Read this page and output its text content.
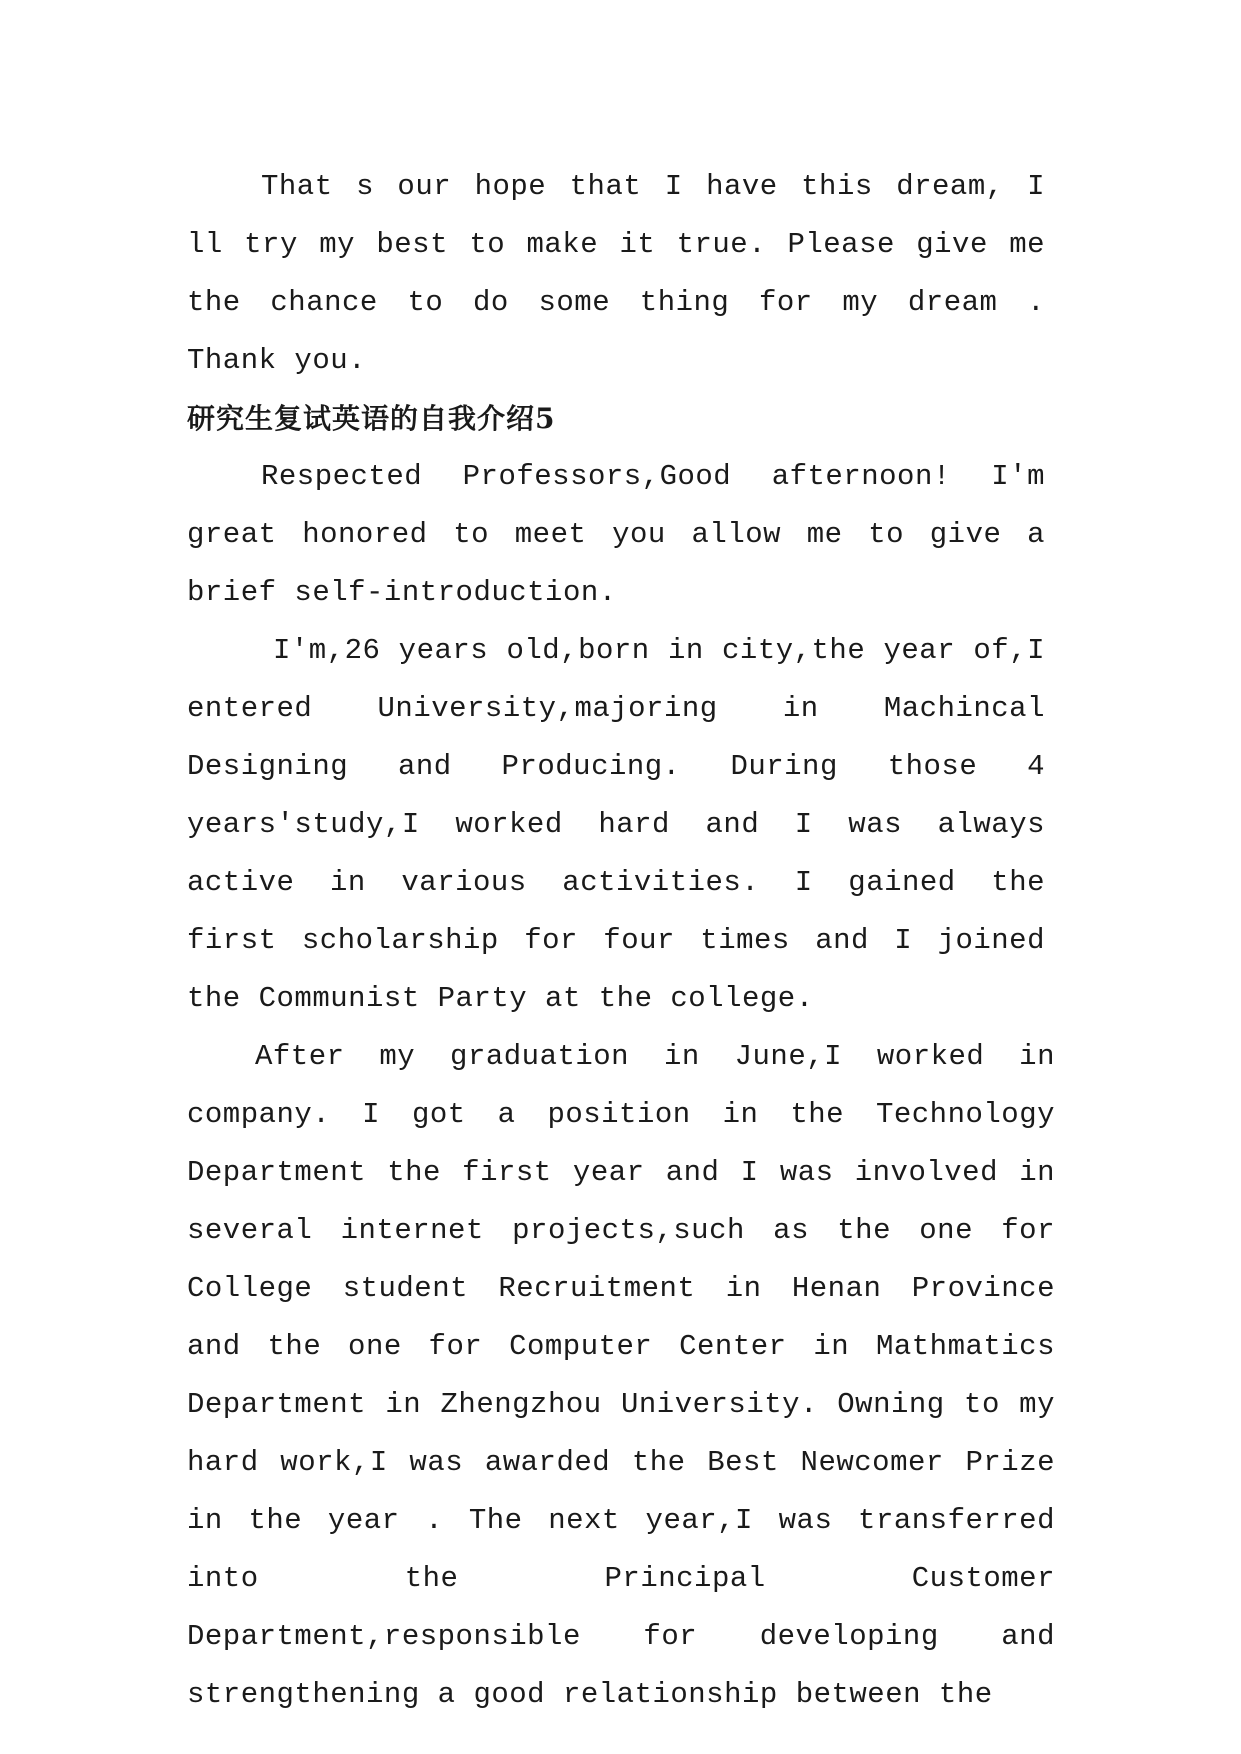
That s our hope that I have this dream, I ll try my best to make it true. Please give me the chance to do some thing for my dream . Thank you.

研究生复试英语的自我介绍5

Respected Professors,Good afternoon! I'm great honored to meet you allow me to give a brief self-introduction.

I'm,26 years old,born in city,the year of,I entered University,majoring in Machincal Designing and Producing. During those 4 years'study,I worked hard and I was always active in various activities. I gained the first scholarship for four times and I joined the Communist Party at the college.

After my graduation in June,I worked in company. I got a position in the Technology Department the first year and I was involved in several internet projects,such as the one for College student Recruitment in Henan Province and the one for Computer Center in Mathmatics Department in Zhengzhou University. Owning to my hard work,I was awarded the Best Newcomer Prize in the year . The next year,I was transferred into the Principal Customer Department,responsible for developing and strengthening a good relationship between the
